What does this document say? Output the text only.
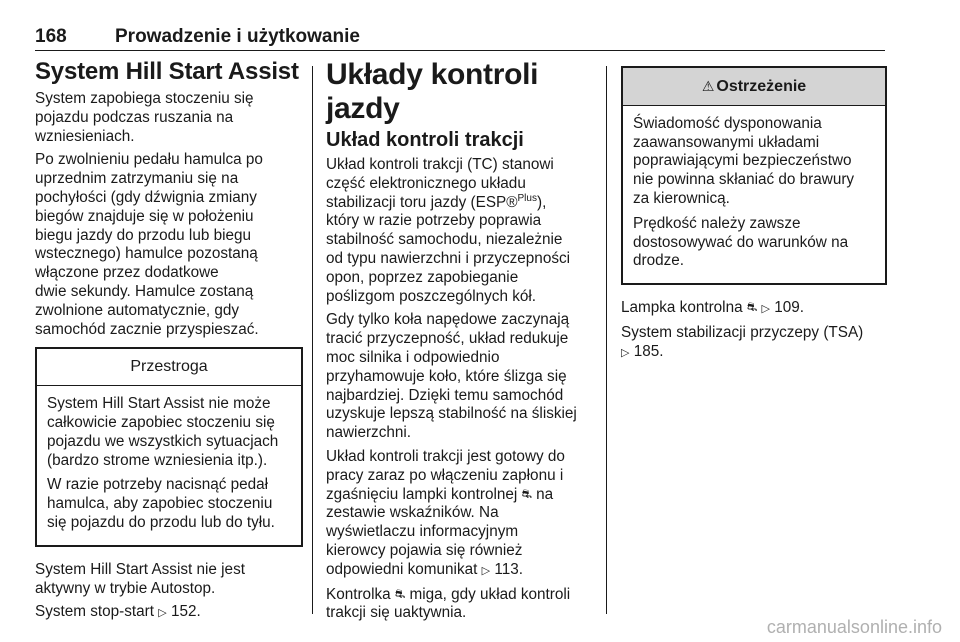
168	Prowadzenie i użytkowanie
System Hill Start Assist

System zapobiega stoczeniu się
pojazdu podczas ruszania na
wzniesieniach.

Po zwolnieniu pedału hamulca po
uprzednim zatrzymaniu się na
pochyłości (gdy dźwignia zmiany
biegów znajduje się w położeniu
biegu jazdy do przodu lub biegu
wstecznego) hamulce pozostaną
włączone przez dodatkowe
dwie sekundy. Hamulce zostaną
zwolnione automatycznie, gdy
samochód zacznie przyspieszać.

Przestroga

System Hill Start Assist nie może
całkowicie zapobiec stoczeniu się
pojazdu we wszystkich sytuacjach
(bardzo strome wzniesienia itp.).

W razie potrzeby nacisnąć pedał
hamulca, aby zapobiec stoczeniu
się pojazdu do przodu lub do tyłu.

System Hill Start Assist nie jest
aktywny w trybie Autostop.

System stop-start ▷ 152.

Układy kontroli jazdy
Układ kontroli trakcji

Układ kontroli trakcji (TC) stanowi
część elektronicznego układu
stabilizacji toru jazdy (ESP®$^{Plus}$),
który w razie potrzeby poprawia
stabilność samochodu, niezależnie
od typu nawierzchni i przyczepności
opon, poprzez zapobieganie
poślizgom poszczególnych kół.

Gdy tylko koła napędowe zaczynają
tracić przyczepność, układ redukuje
moc silnika i odpowiednio
przyhamowuje koło, które ślizga się
najbardziej. Dzięki temu samochód
uzyskuje lepszą stabilność na śliskiej
nawierzchni.

Układ kontroli trakcji jest gotowy do
pracy zaraz po włączeniu zapłonu i
zgaśnięciu lampki kontrolnej ⛐ na
zestawie wskaźników. Na
wyświetlaczu informacyjnym
kierowcy pojawia się również
odpowiedni komunikat ▷ 113.

Kontrolka ⛐ miga, gdy układ kontroli
trakcji się uaktywnia.

⚠ Ostrzeżenie

Świadomość dysponowania
zaawansowanymi układami
poprawiającymi bezpieczeństwo
nie powinna skłaniać do brawury
za kierownicą.

Prędkość należy zawsze
dostosowywać do warunków na
drodze.

Lampka kontrolna ⛐ ▷ 109.

System stabilizacji przyczepy (TSA)
▷ 185.

carmanualsonline.info
